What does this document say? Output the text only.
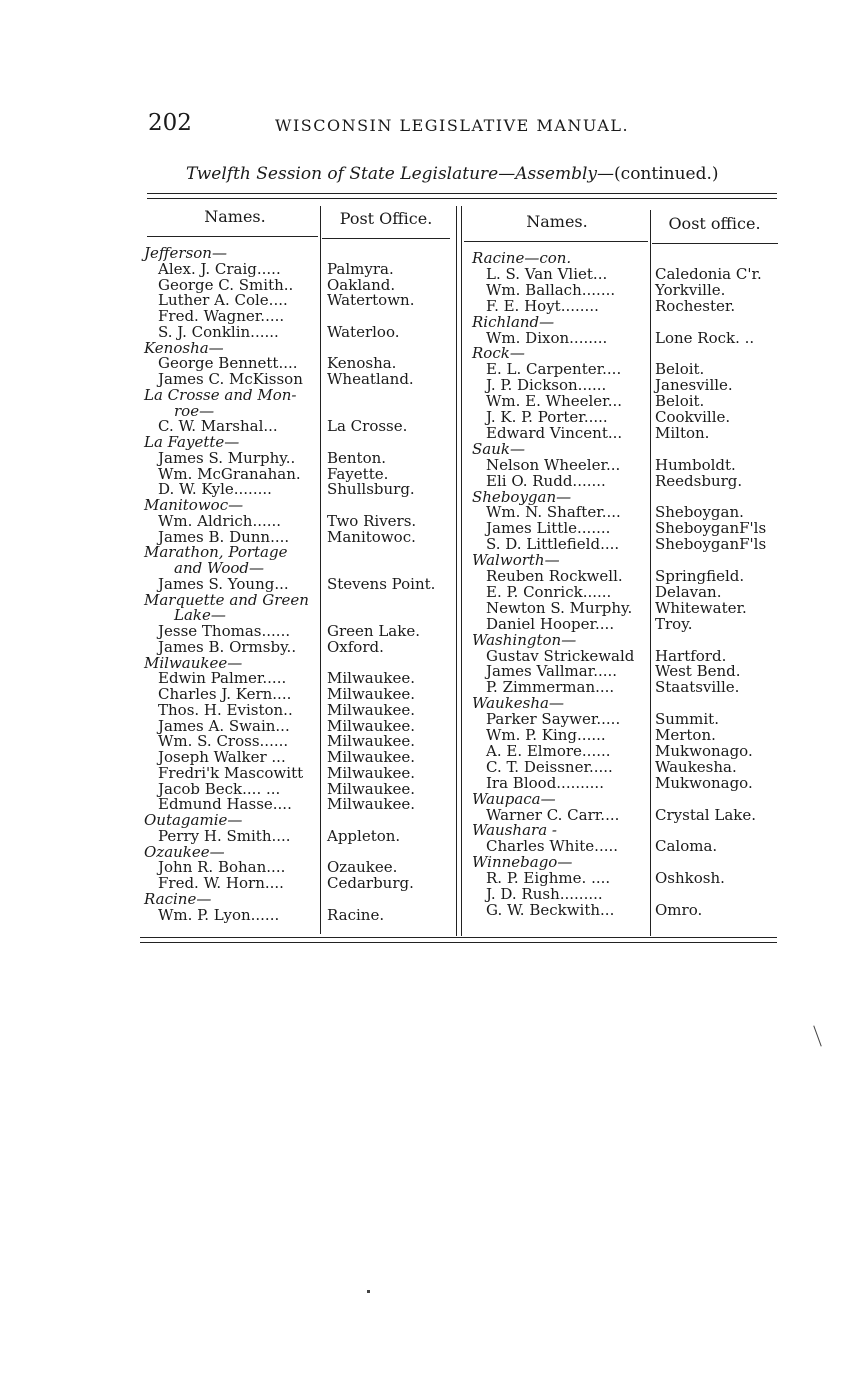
202	WISCONSIN LEGISLATIVE MANUAL.
Twelfth Session of State Legislature—Assembly—(continued.)
Names.	Post Office.	Names.	Oost office.
Jefferson—
Alex. J. Craig.....	Palmyra.
George C. Smith.. Oakland.
Luther A. Cole....	Watertown.
Fred. Wagner.....
S. J. Conklin......	Waterloo.
Kenosha—
George Bennett.... Kenosha.
James C. McKisson Wheatland.
La Crosse and Mon-
roe—
C. W. Marshal...	La Crosse.
La Fayette—
James S. Murphy.. Benton.
Wm. McGranahan. Fayette.
D. W. Kyle........	Shullsburg.
Manitowoc—
Wm. Aldrich......	Two Rivers.
James B. Dunn....	Manitowoc.
Marathon, Portage
and Wood—
James S. Young...	Stevens Point.
Marquette and Green
Lake—
Jesse Thomas...... Green Lake.
James B. Ormsby.. Oxford.
Milwaukee—
Edwin Palmer.....	Milwaukee.
Charles J. Kern.... Milwaukee.
Thos. H. Eviston.. Milwaukee.
James A. Swain... Milwaukee.
Wm. S. Cross......	Milwaukee.
Joseph Walker ...	Milwaukee.
Fredri'k Mascowitt Milwaukee.
Jacob Beck.... ...	Milwaukee.
Edmund Hasse.... Milwaukee.
Outagamie—
Perry H. Smith.... Appleton.
Ozaukee—
John R. Bohan....	Ozaukee.
Fred. W. Horn....	Cedarburg.
Racine—
Wm. P. Lyon......	Racine.
Racine—con.
L. S. Van Vliet...	Caledonia C'r.
Wm. Ballach.......	Yorkville.
F. E. Hoyt........	Rochester.
Richland—
Wm. Dixon........	Lone Rock. ..
Rock—
E. L. Carpenter.... Beloit.
J. P. Dickson......	Janesville.
Wm. E. Wheeler... Beloit.
J. K. P. Porter.....	Cookville.
Edward Vincent... Milton.
Sauk—
Nelson Wheeler... Humboldt.
Eli O. Rudd.......	Reedsburg.
Sheboygan—
Wm. N. Shafter.... Sheboygan.
James Little.......	SheboyganF'ls
S. D. Littlefield.... SheboyganF'ls
Walworth—
Reuben Rockwell. Springfield.
E. P. Conrick......	Delavan.
Newton S. Murphy. Whitewater.
Daniel Hooper....	Troy.
Washington—
Gustav Strickewald Hartford.
James Vallmar.....	West Bend.
P. Zimmerman....	Staatsville.
Waukesha—
Parker Saywer..... Summit.
Wm. P. King......	Merton.
A. E. Elmore......	Mukwonago.
C. T. Deissner.....	Waukesha.
Ira Blood..........	Mukwonago.
Waupaca—
Warner C. Carr.... Crystal Lake.
Waushara -
Charles White..... Caloma.
Winnebago—
R. P. Eighme. ....	Oshkosh.
J. D. Rush.........
G. W. Beckwith...	Omro.
